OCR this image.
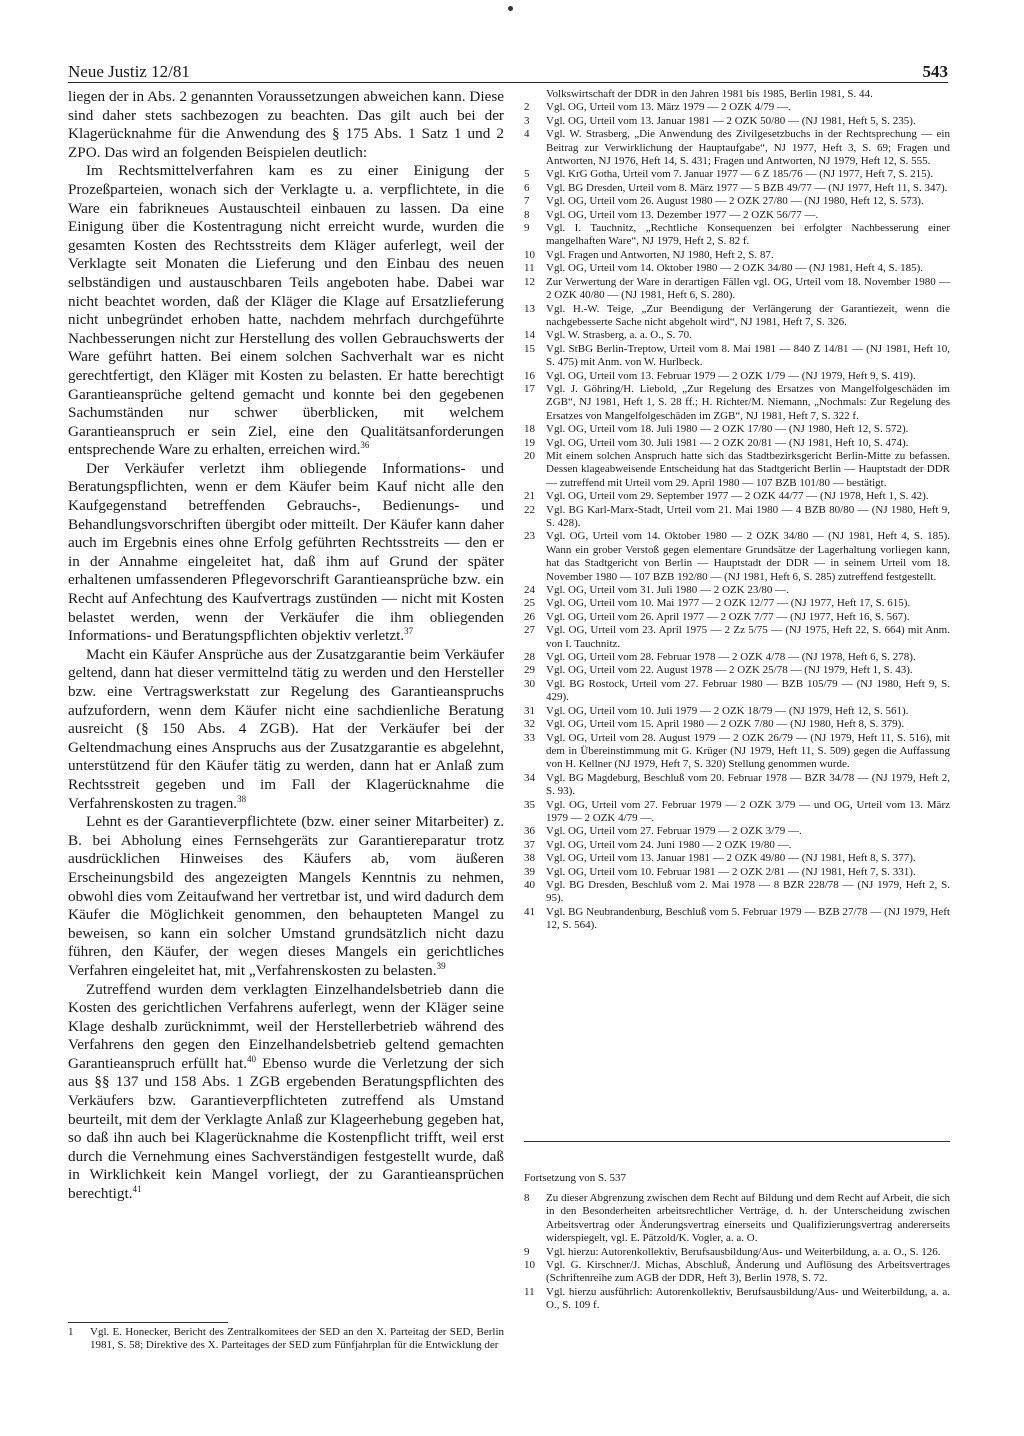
Neue Justiz 12/81	543

liegen der in Abs. 2 genannten Voraussetzungen abweichen kann. Diese sind daher stets sachbezogen zu beachten. Das gilt auch bei der Klagerücknahme für die Anwendung des § 175 Abs. 1 Satz 1 und 2 ZPO. Das wird an folgenden Beispielen deutlich:

Im Rechtsmittelverfahren kam es zu einer Einigung der Prozeßparteien, wonach sich der Verklagte u. a. verpflichtete, in die Ware ein fabrikneues Austauschteil einbauen zu lassen. Da eine Einigung über die Kostentragung nicht erreicht wurde, wurden die gesamten Kosten des Rechtsstreits dem Kläger auferlegt, weil der Verklagte seit Monaten die Lieferung und den Einbau des neuen selbständigen und austauschbaren Teils angeboten habe. Dabei war nicht beachtet worden, daß der Kläger die Klage auf Ersatzlieferung nicht unbegründet erhoben hatte, nachdem mehrfach durchgeführte Nachbesserungen nicht zur Herstellung des vollen Gebrauchswerts der Ware geführt hatten. Bei einem solchen Sachverhalt war es nicht gerechtfertigt, den Kläger mit Kosten zu belasten. Er hatte berechtigt Garantieansprüche geltend gemacht und konnte bei den gegebenen Sachumständen nur schwer überblicken, mit welchem Garantieanspruch er sein Ziel, eine den Qualitätsanforderungen entsprechende Ware zu erhalten, erreichen wird.$^{36}$

Der Verkäufer verletzt ihm obliegende Informations- und Beratungspflichten, wenn er dem Käufer beim Kauf nicht alle den Kaufgegenstand betreffenden Gebrauchs-, Bedienungs- und Behandlungsvorschriften übergibt oder mitteilt. Der Käufer kann daher auch im Ergebnis eines ohne Erfolg geführten Rechtsstreits — den er in der Annahme eingeleitet hat, daß ihm auf Grund der später erhaltenen umfassenderen Pflegevorschrift Garantieansprüche bzw. ein Recht auf Anfechtung des Kaufvertrags zustünden — nicht mit Kosten belastet werden, wenn der Verkäufer die ihm obliegenden Informations- und Beratungspflichten objektiv verletzt.$^{37}$

Macht ein Käufer Ansprüche aus der Zusatzgarantie beim Verkäufer geltend, dann hat dieser vermittelnd tätig zu werden und den Hersteller bzw. eine Vertragswerkstatt zur Regelung des Garantieanspruchs aufzufordern, wenn dem Käufer nicht eine sachdienliche Beratung ausreicht (§ 150 Abs. 4 ZGB). Hat der Verkäufer bei der Geltendmachung eines Anspruchs aus der Zusatzgarantie es abgelehnt, unterstützend für den Käufer tätig zu werden, dann hat er Anlaß zum Rechtsstreit gegeben und im Fall der Klagerücknahme die Verfahrenskosten zu tragen.$^{38}$

Lehnt es der Garantieverpflichtete (bzw. einer seiner Mitarbeiter) z. B. bei Abholung eines Fernsehgeräts zur Garantiereparatur trotz ausdrücklichen Hinweises des Käufers ab, vom äußeren Erscheinungsbild des angezeigten Mangels Kenntnis zu nehmen, obwohl dies vom Zeitaufwand her vertretbar ist, und wird dadurch dem Käufer die Möglichkeit genommen, den behaupteten Mangel zu beweisen, so kann ein solcher Umstand grundsätzlich nicht dazu führen, den Käufer, der wegen dieses Mangels ein gerichtliches Verfahren eingeleitet hat, mit „Verfahrenskosten zu belasten.$^{39}$

Zutreffend wurden dem verklagten Einzelhandelsbetrieb dann die Kosten des gerichtlichen Verfahrens auferlegt, wenn der Kläger seine Klage deshalb zurücknimmt, weil der Herstellerbetrieb während des Verfahrens den gegen den Einzelhandelsbetrieb geltend gemachten Garantieanspruch erfüllt hat.$^{40}$ Ebenso wurde die Verletzung der sich aus §§ 137 und 158 Abs. 1 ZGB ergebenden Beratungspflichten des Verkäufers bzw. Garantieverpflichteten zutreffend als Umstand beurteilt, mit dem der Verklagte Anlaß zur Klageerhebung gegeben hat, so daß ihn auch bei Klagerücknahme die Kostenpflicht trifft, weil erst durch die Vernehmung eines Sachverständigen festgestellt wurde, daß in Wirklichkeit kein Mangel vorliegt, der zu Garantieansprüchen berechtigt.$^{41}$

1	Vgl. E. Honecker, Bericht des Zentralkomitees der SED an den X. Parteitag der SED, Berlin 1981, S. 58; Direktive des X. Parteitages der SED zum Fünfjahrplan für die Entwicklung der
Volkswirtschaft der DDR in den Jahren 1981 bis 1985, Berlin 1981, S. 44.
2	Vgl. OG, Urteil vom 13. März 1979 — 2 OZK 4/79 —.
3	Vgl. OG, Urteil vom 13. Januar 1981 — 2 OZK 50/80 — (NJ 1981, Heft 5, S. 235).
4	Vgl. W. Strasberg, „Die Anwendung des Zivilgesetzbuchs in der Rechtsprechung — ein Beitrag zur Verwirklichung der Hauptaufgabe“, NJ 1977, Heft 3, S. 69; Fragen und Antworten, NJ 1976, Heft 14, S. 431; Fragen und Antworten, NJ 1979, Heft 12, S. 555.
5	Vgl. KrG Gotha, Urteil vom 7. Januar 1977 — 6 Z 185/76 — (NJ 1977, Heft 7, S. 215).
6	Vgl. BG Dresden, Urteil vom 8. März 1977 — 5 BZB 49/77 — (NJ 1977, Heft 11, S. 347).
7	Vgl. OG, Urteil vom 26. August 1980 — 2 OZK 27/80 — (NJ 1980, Heft 12, S. 573).
8	Vgl. OG, Urteil vom 13. Dezember 1977 — 2 OZK 56/77 —.
9	Vgl. I. Tauchnitz, „Rechtliche Konsequenzen bei erfolgter Nachbesserung einer mangelhaften Ware“, NJ 1979, Heft 2, S. 82 f.
10	Vgl. Fragen und Antworten, NJ 1980, Heft 2, S. 87.
11	Vgl. OG, Urteil vom 14. Oktober 1980 — 2 OZK 34/80 — (NJ 1981, Heft 4, S. 185).
12	Zur Verwertung der Ware in derartigen Fällen vgl. OG, Urteil vom 18. November 1980 — 2 OZK 40/80 — (NJ 1981, Heft 6, S. 280).
13	Vgl. H.-W. Teige, „Zur Beendigung der Verlängerung der Garantiezeit, wenn die nachgebesserte Sache nicht abgeholt wird“, NJ 1981, Heft 7, S. 326.
14	Vgl. W. Strasberg, a. a. O., S. 70.
15	Vgl. StBG Berlin-Treptow, Urteil vom 8. Mai 1981 — 840 Z 14/81 — (NJ 1981, Heft 10, S. 475) mit Anm. von W. Hurlbeck.
16	Vgl. OG, Urteil vom 13. Februar 1979 — 2 OZK 1/79 — (NJ 1979, Heft 9, S. 419).
17	Vgl. J. Göhring/H. Liebold, „Zur Regelung des Ersatzes von Mangelfolgeschäden im ZGB“, NJ 1981, Heft 1, S. 28 ff.; H. Richter/M. Niemann, „Nochmals: Zur Regelung des Ersatzes von Mangelfolgeschäden im ZGB“, NJ 1981, Heft 7, S. 322 f.
18	Vgl. OG, Urteil vom 18. Juli 1980 — 2 OZK 17/80 — (NJ 1980, Heft 12, S. 572).
19	Vgl. OG, Urteil vom 30. Juli 1981 — 2 OZK 20/81 — (NJ 1981, Heft 10, S. 474).
20	Mit einem solchen Anspruch hatte sich das Stadtbezirksgericht Berlin-Mitte zu befassen. Dessen klageabweisende Entscheidung hat das Stadtgericht Berlin — Hauptstadt der DDR — zutreffend mit Urteil vom 29. April 1980 — 107 BZB 101/80 — bestätigt.
21	Vgl. OG, Urteil vom 29. September 1977 — 2 OZK 44/77 — (NJ 1978, Heft 1, S. 42).
22	Vgl. BG Karl-Marx-Stadt, Urteil vom 21. Mai 1980 — 4 BZB 80/80 — (NJ 1980, Heft 9, S. 428).
23	Vgl. OG, Urteil vom 14. Oktober 1980 — 2 OZK 34/80 — (NJ 1981, Heft 4, S. 185). Wann ein grober Verstoß gegen elementare Grundsätze der Lagerhaltung vorliegen kann, hat das Stadtgericht von Berlin — Hauptstadt der DDR — in seinem Urteil vom 18. November 1980 — 107 BZB 192/80 — (NJ 1981, Heft 6, S. 285) zutreffend festgestellt.
24	Vgl. OG, Urteil vom 31. Juli 1980 — 2 OZK 23/80 —.
25	Vgl. OG, Urteil vom 10. Mai 1977 — 2 OZK 12/77 — (NJ 1977, Heft 17, S. 615).
26	Vgl. OG, Urteil vom 26. April 1977 — 2 OZK 7/77 — (NJ 1977, Heft 16, S. 567).
27	Vgl. OG, Urteil vom 23. April 1975 — 2 Zz 5/75 — (NJ 1975, Heft 22, S. 664) mit Anm. von I. Tauchnitz.
28	Vgl. OG, Urteil vom 28. Februar 1978 — 2 OZK 4/78 — (NJ 1978, Heft 6, S. 278).
29	Vgl. OG, Urteil vom 22. August 1978 — 2 OZK 25/78 — (NJ 1979, Heft 1, S. 43).
30	Vgl. BG Rostock, Urteil vom 27. Februar 1980 — BZB 105/79 — (NJ 1980, Heft 9, S. 429).
31	Vgl. OG, Urteil vom 10. Juli 1979 — 2 OZK 18/79 — (NJ 1979, Heft 12, S. 561).
32	Vgl. OG, Urteil vom 15. April 1980 — 2 OZK 7/80 — (NJ 1980, Heft 8, S. 379).
33	Vgl. OG, Urteil vom 28. August 1979 — 2 OZK 26/79 — (NJ 1979, Heft 11, S. 516), mit dem in Übereinstimmung mit G. Krüger (NJ 1979, Heft 11, S. 509) gegen die Auffassung von H. Kellner (NJ 1979, Heft 7, S. 320) Stellung genommen wurde.
34	Vgl. BG Magdeburg, Beschluß vom 20. Februar 1978 — BZR 34/78 — (NJ 1979, Heft 2, S. 93).
35	Vgl. OG, Urteil vom 27. Februar 1979 — 2 OZK 3/79 — und OG, Urteil vom 13. März 1979 — 2 OZK 4/79 —.
36	Vgl. OG, Urteil vom 27. Februar 1979 — 2 OZK 3/79 —.
37	Vgl. OG, Urteil vom 24. Juni 1980 — 2 OZK 19/80 —.
38	Vgl. OG, Urteil vom 13. Januar 1981 — 2 OZK 49/80 — (NJ 1981, Heft 8, S. 377).
39	Vgl. OG, Urteil vom 10. Februar 1981 — 2 OZK 2/81 — (NJ 1981, Heft 7, S. 331).
40	Vgl. BG Dresden, Beschluß vom 2. Mai 1978 — 8 BZR 228/78 — (NJ 1979, Heft 2, S. 95).
41	Vgl. BG Neubrandenburg, Beschluß vom 5. Februar 1979 — BZB 27/78 — (NJ 1979, Heft 12, S. 564).
Fortsetzung von S. 537
8	Zu dieser Abgrenzung zwischen dem Recht auf Bildung und dem Recht auf Arbeit, die sich in den Besonderheiten arbeitsrechtlicher Verträge, d. h. der Unterscheidung zwischen Arbeitsvertrag oder Änderungsvertrag einerseits und Qualifizierungsvertrag andererseits widerspiegelt, vgl. E. Pätzold/K. Vogler, a. a. O.
9	Vgl. hierzu: Autorenkollektiv, Berufsausbildung/Aus- und Weiterbildung, a. a. O., S. 126.
10	Vgl. G. Kirschner/J. Michas, Abschluß, Änderung und Auflösung des Arbeitsvertrages (Schriftenreihe zum AGB der DDR, Heft 3), Berlin 1978, S. 72.
11	Vgl. hierzu ausführlich: Autorenkollektiv, Berufsausbildung/Aus- und Weiterbildung, a. a. O., S. 109 f.
